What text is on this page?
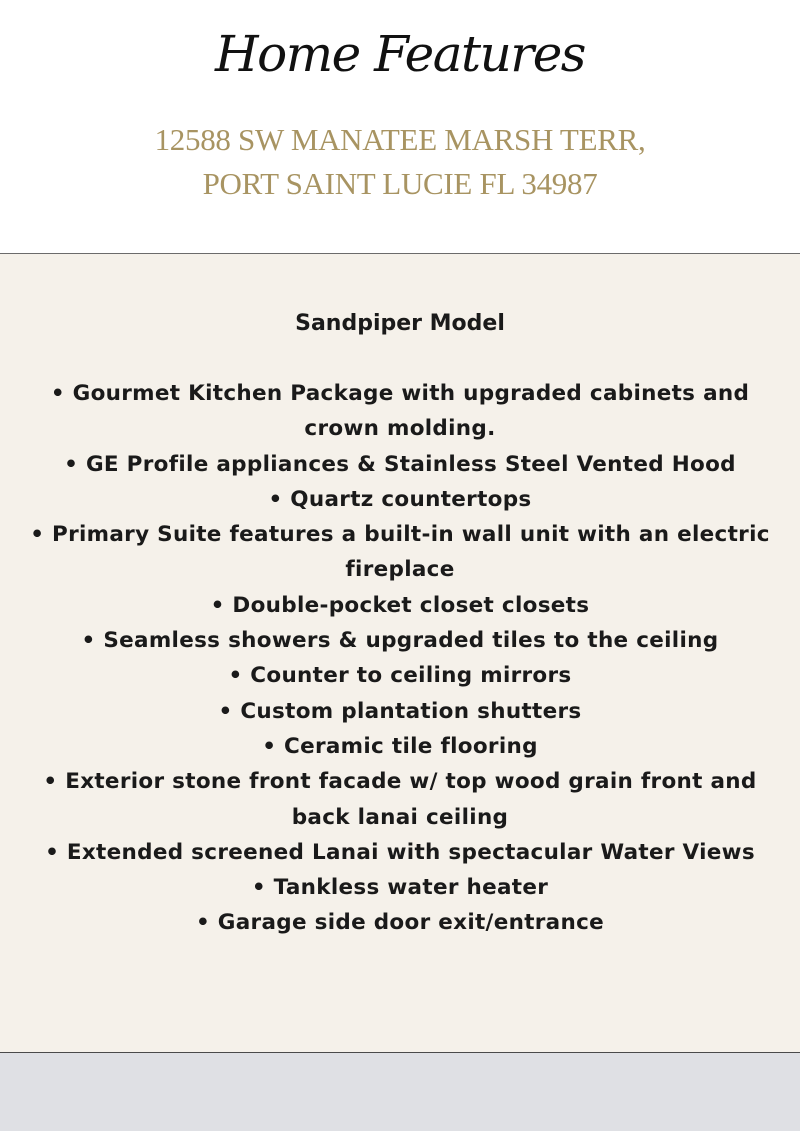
Home Features
12588 SW MANATEE MARSH TERR,
PORT SAINT LUCIE FL 34987
Sandpiper Model
• Gourmet Kitchen Package with upgraded cabinets and crown molding.
• GE Profile appliances & Stainless Steel Vented Hood
• Quartz countertops
• Primary Suite features a built-in wall unit with an electric fireplace
• Double-pocket closet closets
• Seamless showers & upgraded tiles to the ceiling
• Counter to ceiling mirrors
• Custom plantation shutters
• Ceramic tile flooring
• Exterior stone front facade w/ top wood grain front and back lanai ceiling
• Extended screened Lanai with spectacular Water Views
• Tankless water heater
• Garage side door exit/entrance
